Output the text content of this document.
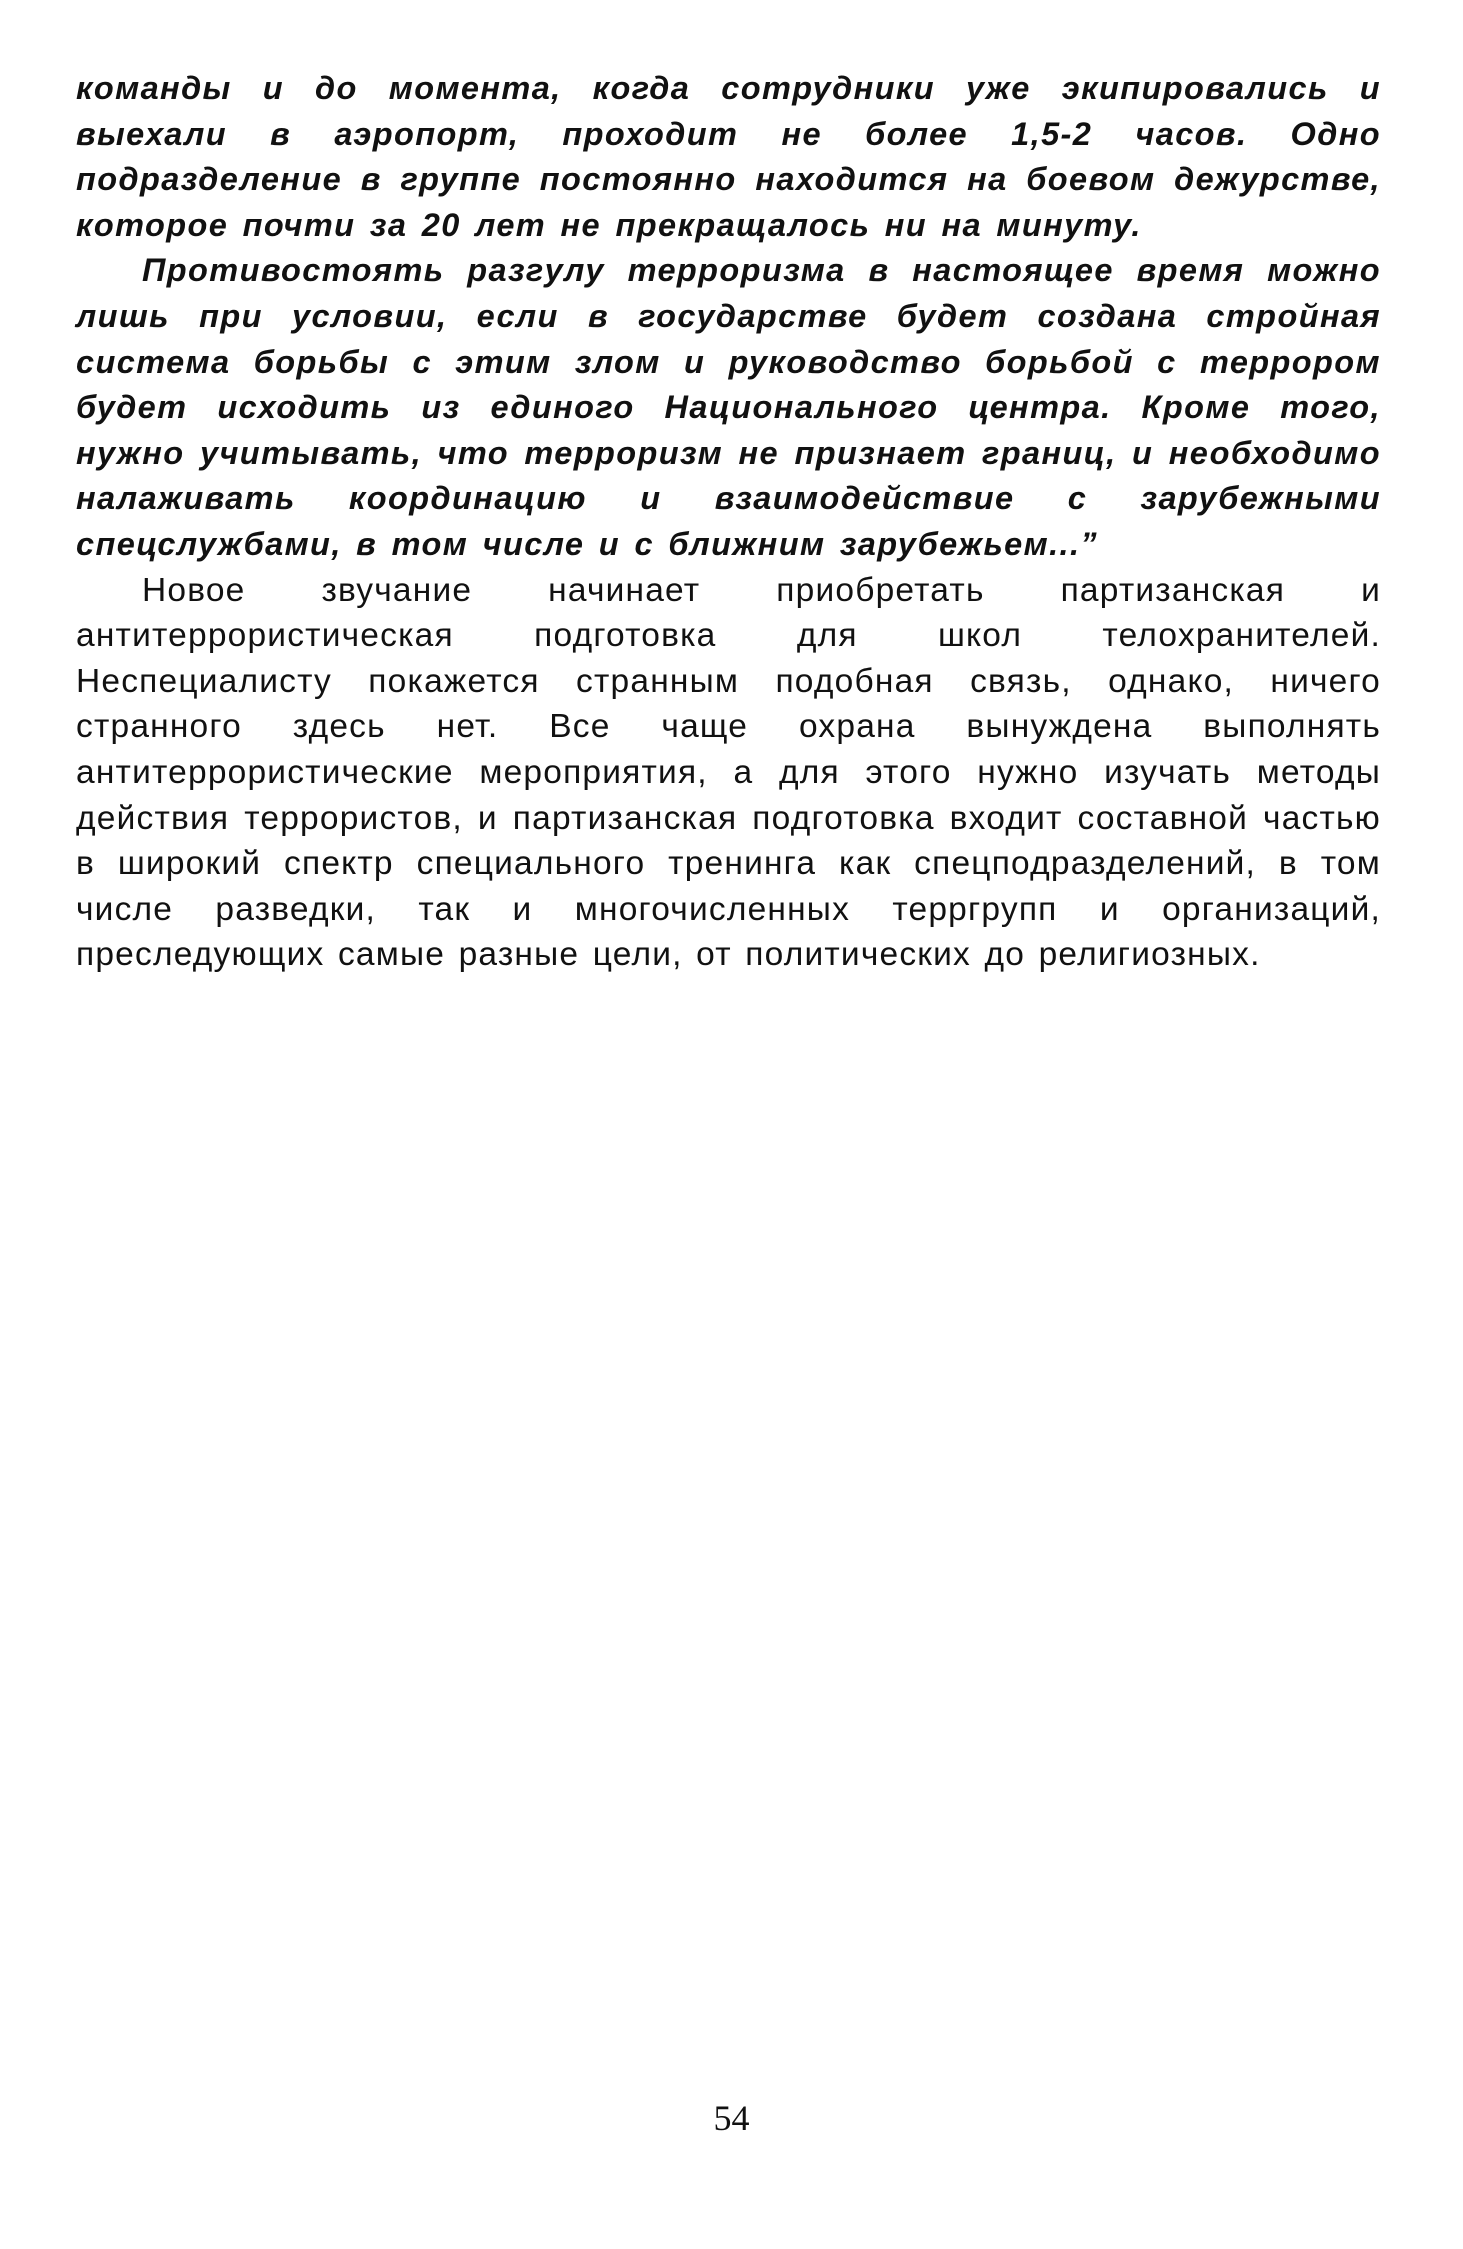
команды и до момента, когда сотрудники уже экипировались и выехали в аэропорт, проходит не более 1,5-2 часов. Одно подразделение в группе постоянно находится на боевом дежурстве, которое почти за 20 лет не прекращалось ни на минуту.

Противостоять разгулу терроризма в настоящее время можно лишь при условии, если в государстве будет создана стройная система борьбы с этим злом и руководство борьбой с террором будет исходить из единого Национального центра. Кроме того, нужно учитывать, что терроризм не признает границ, и необходимо налаживать координацию и взаимодействие с зарубежными спецслужбами, в том числе и с ближним зарубежьем...”

Новое звучание начинает приобретать партизанская и антитеррористическая подготовка для школ телохранителей. Неспециалисту покажется странным подобная связь, однако, ничего странного здесь нет. Все чаще охрана вынуждена выполнять антитеррористические мероприятия, а для этого нужно изучать методы действия террористов, и партизанская подготовка входит составной частью в широкий спектр специального тренинга как спецподразделений, в том числе разведки, так и многочисленных терргрупп и организаций, преследующих самые разные цели, от политических до религиозных.

54
